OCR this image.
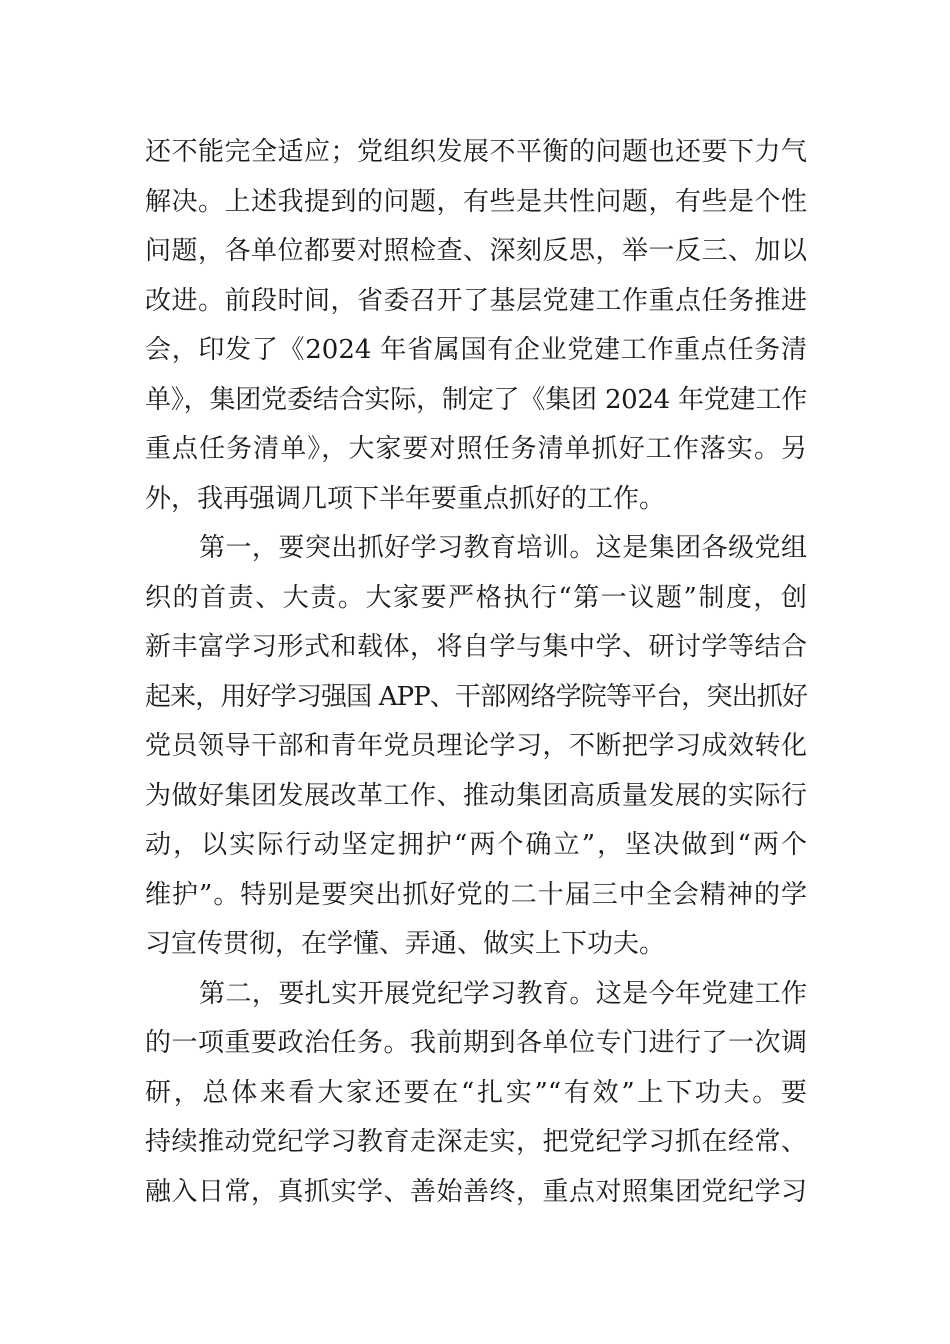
还不能完全适应；党组织发展不平衡的问题也还要下力气
解决。上述我提到的问题，有些是共性问题，有些是个性
问题，各单位都要对照检查、深刻反思，举一反三、加以
改进。前段时间，省委召开了基层党建工作重点任务推进
会，印发了《2024 年省属国有企业党建工作重点任务清
单》，集团党委结合实际，制定了《集团 2024 年党建工作
重点任务清单》，大家要对照任务清单抓好工作落实。另
外，我再强调几项下半年要重点抓好的工作。
第一，要突出抓好学习教育培训。这是集团各级党组
织的首责、大责。大家要严格执行“第一议题”制度，创
新丰富学习形式和载体，将自学与集中学、研讨学等结合
起来，用好学习强国 APP、干部网络学院等平台，突出抓好
党员领导干部和青年党员理论学习，不断把学习成效转化
为做好集团发展改革工作、推动集团高质量发展的实际行
动，以实际行动坚定拥护“两个确立”，坚决做到“两个
维护”。特别是要突出抓好党的二十届三中全会精神的学
习宣传贯彻，在学懂、弄通、做实上下功夫。
第二，要扎实开展党纪学习教育。这是今年党建工作
的一项重要政治任务。我前期到各单位专门进行了一次调
研，总体来看大家还要在“扎实”“有效”上下功夫。要
持续推动党纪学习教育走深走实，把党纪学习抓在经常、
融入日常，真抓实学、善始善终，重点对照集团党纪学习
